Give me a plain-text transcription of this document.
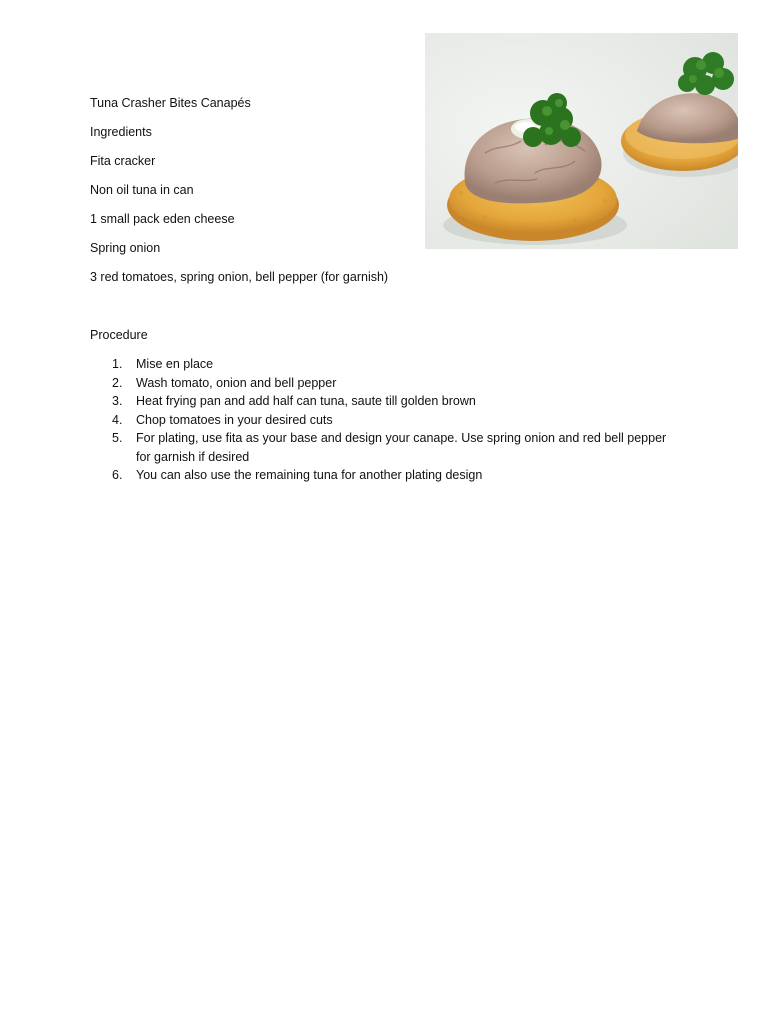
Tuna Crasher Bites Canapés

Ingredients

Fita cracker

Non oil tuna in can

1 small pack eden cheese

Spring onion

3 red tomatoes, spring onion, bell pepper (for garnish)

Procedure

1.	Mise en place
2.	Wash tomato, onion and bell pepper
3.	Heat frying pan and add half can tuna, saute till golden brown
4.	Chop tomatoes in your desired cuts
5.	For plating, use fita as your base and design your canape. Use spring onion and red bell pepper for garnish if desired
6.	You can also use the remaining tuna for another plating design
